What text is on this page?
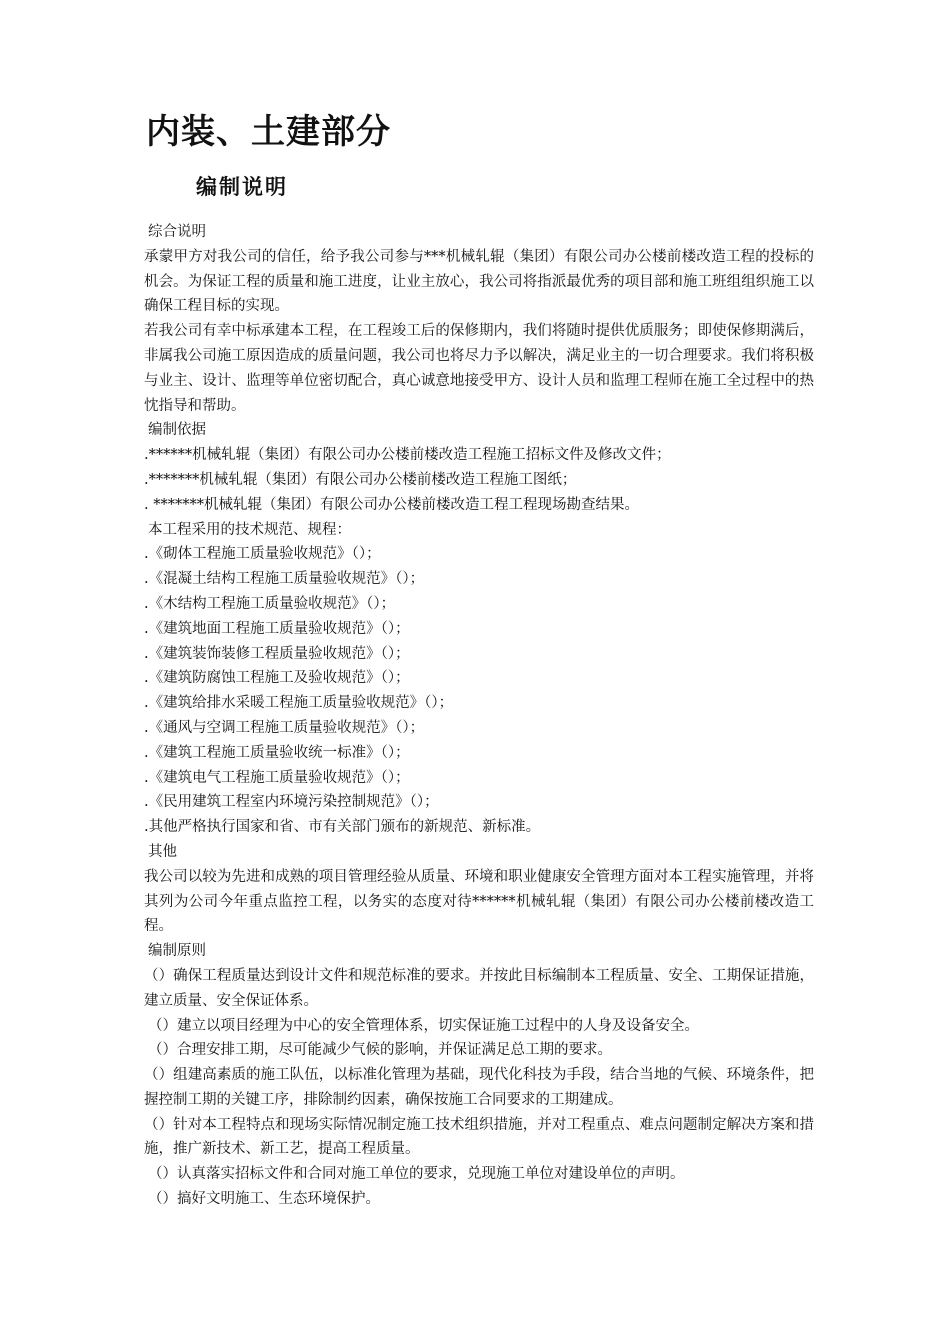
内装、土建部分
编制说明

综合说明

承蒙甲方对我公司的信任，给予我公司参与***机械轧辊（集团）有限公司办公楼前楼改造工程的投标的机会。为保证工程的质量和施工进度，让业主放心，我公司将指派最优秀的项目部和施工班组组织施工以确保工程目标的实现。

若我公司有幸中标承建本工程，在工程竣工后的保修期内，我们将随时提供优质服务；即使保修期满后，非属我公司施工原因造成的质量问题，我公司也将尽力予以解决，满足业主的一切合理要求。我们将积极与业主、设计、监理等单位密切配合，真心诚意地接受甲方、设计人员和监理工程师在施工全过程中的热忱指导和帮助。

编制依据

.******机械轧辊（集团）有限公司办公楼前楼改造工程施工招标文件及修改文件；

.*******机械轧辊（集团）有限公司办公楼前楼改造工程施工图纸；

. *******机械轧辊（集团）有限公司办公楼前楼改造工程工程现场勘查结果。

本工程采用的技术规范、规程：

.《砌体工程施工质量验收规范》（）；

.《混凝土结构工程施工质量验收规范》（）；

.《木结构工程施工质量验收规范》（）；

.《建筑地面工程施工质量验收规范》（）；

.《建筑装饰装修工程质量验收规范》（）；

.《建筑防腐蚀工程施工及验收规范》（）；

.《建筑给排水采暖工程施工质量验收规范》（）；

.《通风与空调工程施工质量验收规范》（）；

.《建筑工程施工质量验收统一标准》（）；

.《建筑电气工程施工质量验收规范》（）；

.《民用建筑工程室内环境污染控制规范》（）；

.其他严格执行国家和省、市有关部门颁布的新规范、新标准。

其他

我公司以较为先进和成熟的项目管理经验从质量、环境和职业健康安全管理方面对本工程实施管理，并将其列为公司今年重点监控工程，以务实的态度对待******机械轧辊（集团）有限公司办公楼前楼改造工程。

编制原则

（）确保工程质量达到设计文件和规范标准的要求。并按此目标编制本工程质量、安全、工期保证措施，建立质量、安全保证体系。

（）建立以项目经理为中心的安全管理体系，切实保证施工过程中的人身及设备安全。

（）合理安排工期，尽可能减少气候的影响，并保证满足总工期的要求。

（）组建高素质的施工队伍，以标准化管理为基础，现代化科技为手段，结合当地的气候、环境条件，把握控制工期的关键工序，排除制约因素，确保按施工合同要求的工期建成。

（）针对本工程特点和现场实际情况制定施工技术组织措施，并对工程重点、难点问题制定解决方案和措施，推广新技术、新工艺，提高工程质量。

（）认真落实招标文件和合同对施工单位的要求，兑现施工单位对建设单位的声明。

（）搞好文明施工、生态环境保护。
